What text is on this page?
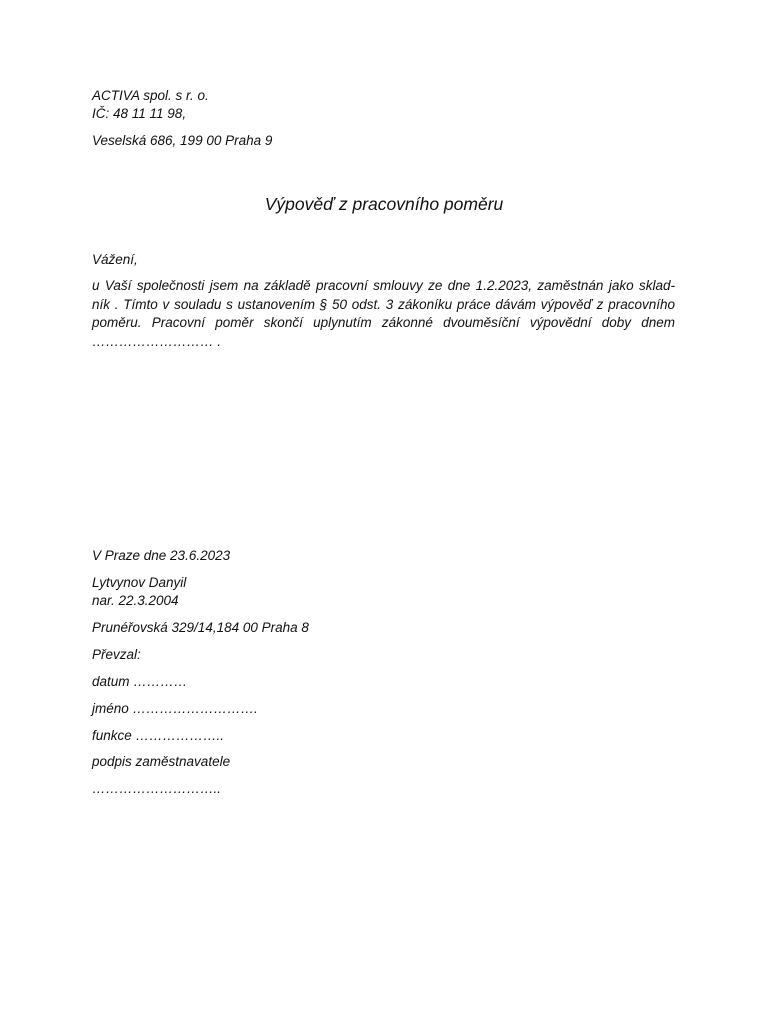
ACTIVA spol. s r. o.
IČ: 48 11 11 98,
Veselská 686, 199 00 Praha 9
Výpověď z pracovního poměru
Vážení,
u Vaší společnosti jsem na základě pracovní smlouvy ze dne 1.2.2023, zaměstnán jako sklad-
ník . Tímto v souladu s ustanovením § 50 odst. 3 zákoníku práce dávám výpověď z pracovního
poměru. Pracovní poměr skončí uplynutím zákonné dvouměsíční výpovědní doby dnem
……………………… .
V Praze dne 23.6.2023
Lytvynov Danyil
nar. 22.3.2004
Prunéřovská 329/14,184 00 Praha 8
Převzal:
datum …………
jméno ……………………….
funkce ………………..
podpis zaměstnavatele
………………………..
